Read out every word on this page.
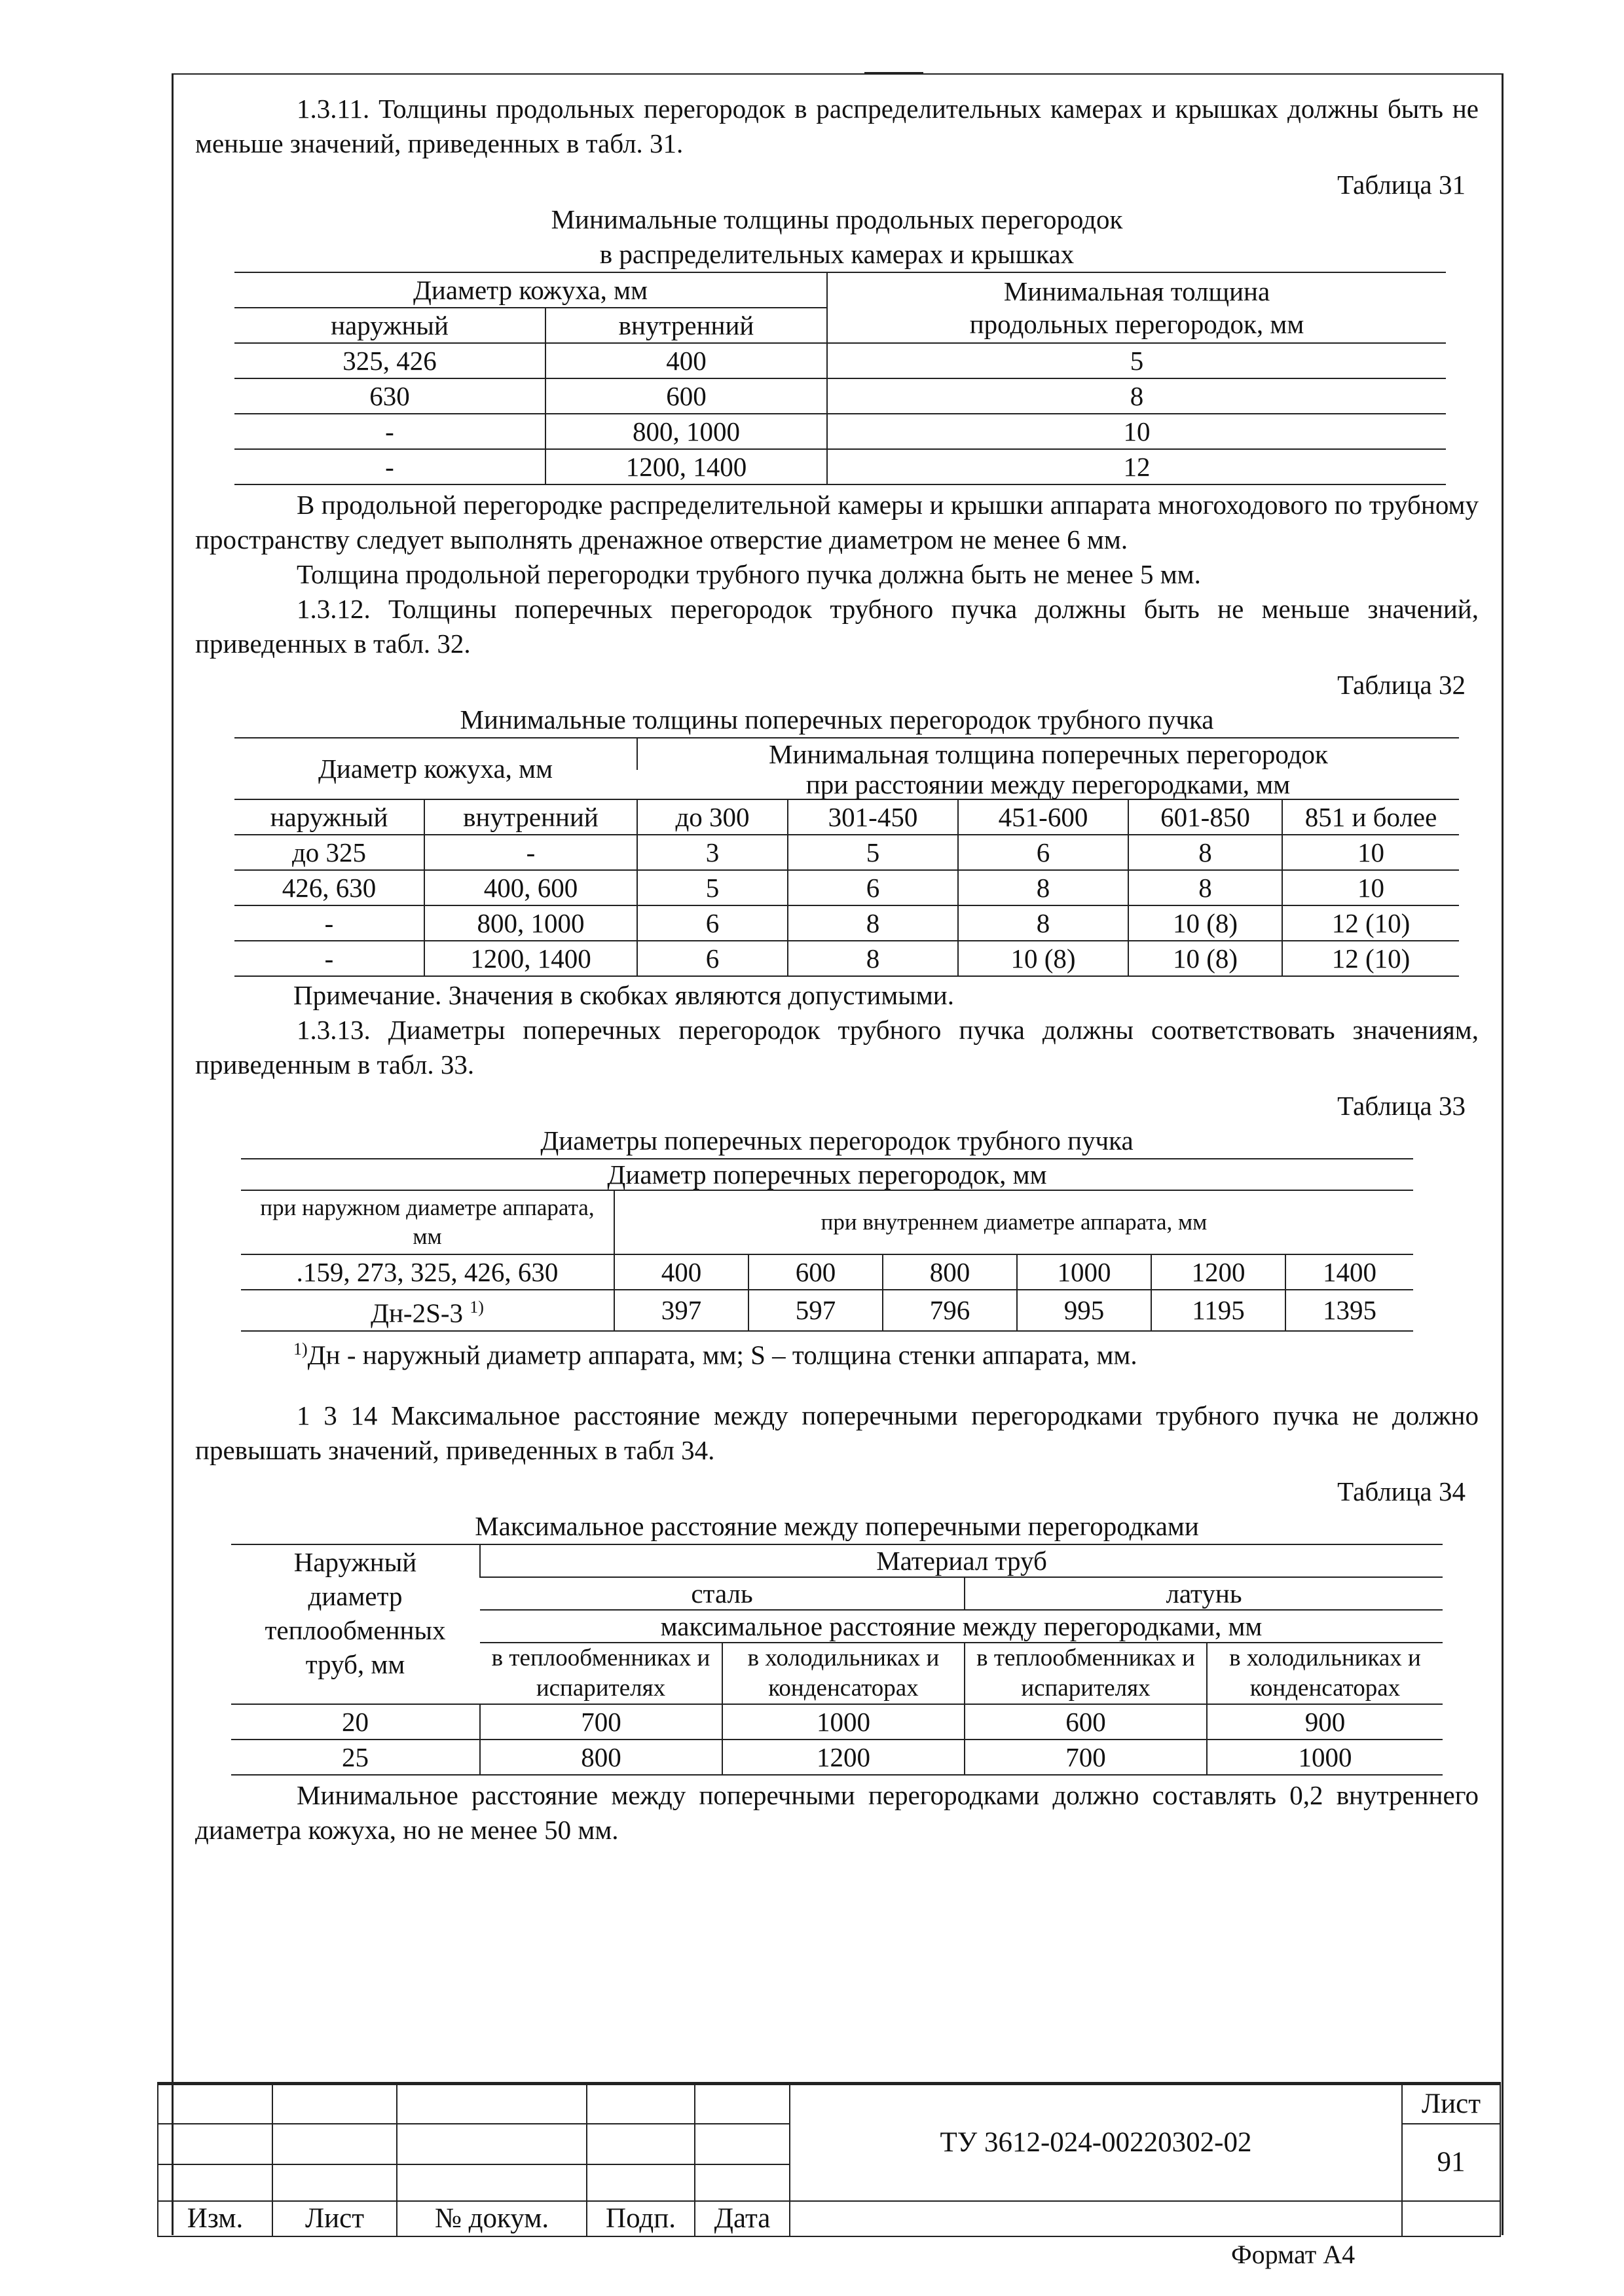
1.3.11. Толщины продольных перегородок в распределительных камерах и крышках должны быть не меньше значений, приведенных в табл. 31.

Таблица 31
Минимальные толщины продольных перегородок
в распределительных камерах и крышках
Диаметр кожуха, мм		Минимальная толщина
продольных перегородок, мм
наружный	внутренний	
325, 426	400	5
630	600	8
-	800, 1000	10
-	1200, 1400	12

В продольной перегородке распределительной камеры и крышки аппарата многоходового по трубному пространству следует выполнять дренажное отверстие диаметром не менее 6 мм.

Толщина продольной перегородки трубного пучка должна быть не менее 5 мм.

1.3.12. Толщины поперечных перегородок трубного пучка должны быть не меньше значений, приведенных в табл. 32.

Таблица 32
Минимальные толщины поперечных перегородок трубного пучка
Диаметр кожуха, мм		Минимальная толщина поперечных перегородок				
		при расстоянии между перегородками, мм				
наружный	внутренний	до 300	301-450	451-600	601-850	851 и более
до 325	-	3	5	6	8	10
426, 630	400, 600	5	6	8	8	10
-	800, 1000	6	8	8	10 (8)	12 (10)
-	1200, 1400	6	8	10 (8)	10 (8)	12 (10)

Примечание. Значения в скобках являются допустимыми.

1.3.13. Диаметры поперечных перегородок трубного пучка должны соответствовать значениям, приведенным в табл. 33.

Таблица 33
Диаметры поперечных перегородок трубного пучка
Диаметр поперечных перегородок, мм						
при наружном диаметре аппарата, мм	при внутреннем диаметре аппарата, мм					
.159, 273, 325, 426, 630	400	600	800	1000	1200	1400
Дн-2S-3 $^{1)}$	397	597	796	995	1195	1395

$^{1)}$Дн - наружный диаметр аппарата, мм; S – толщина стенки аппарата, мм.

1 3 14 Максимальное расстояние между поперечными перегородками трубного пучка не должно превышать значений, приведенных в табл 34.

Таблица 34
Максимальное расстояние между поперечными перегородками
Наружный диаметр теплообменных труб, мм	Материал труб			
	сталь		латунь	
	максимальное расстояние между перегородками, мм			
	в теплообменниках и испарителях	в холодильниках и конденсаторах	в теплообменниках и испарителях	в холодильниках и конденсаторах
20	700	1000	600	900
25	800	1200	700	1000

Минимальное расстояние между поперечными перегородками должно составлять 0,2 внутреннего диаметра кожуха, но не менее 50 мм.

					ТУ 3612-024-00220302-02	Лист
						91

Изм.	Лист	№ докум.	Подп.	Дата		
Формат А4
